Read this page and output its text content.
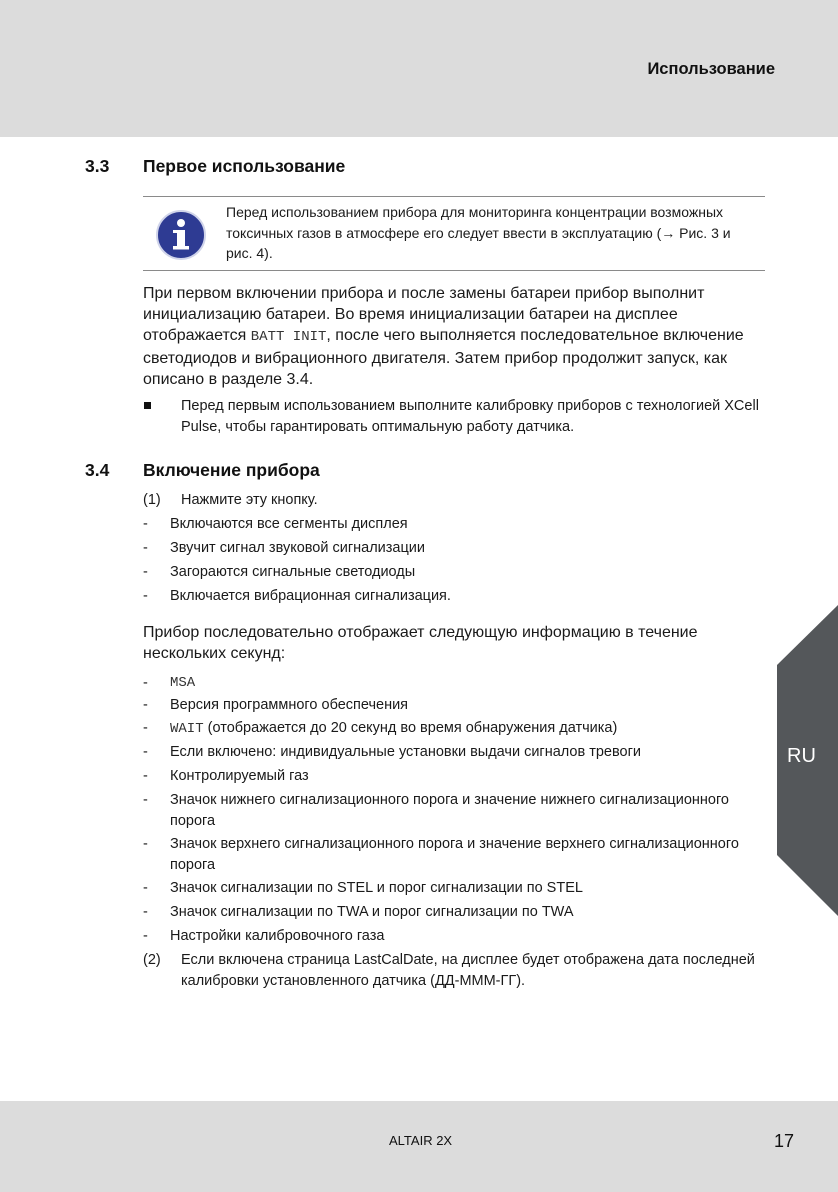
Использование
3.3 Первое использование
Перед использованием прибора для мониторинга концентрации возможных токсичных газов в атмосфере его следует ввести в эксплуатацию (→ Рис. 3 и рис. 4).
При первом включении прибора и после замены батареи прибор выполнит инициализацию батареи. Во время инициализации батареи на дисплее отображается BATT INIT, после чего выполняется последовательное включение светодиодов и вибрационного двигателя. Затем прибор продолжит запуск, как описано в разделе 3.4.
Перед первым использованием выполните калибровку приборов с технологией XCell Pulse, чтобы гарантировать оптимальную работу датчика.
3.4 Включение прибора
(1) Нажмите эту кнопку.
- Включаются все сегменты дисплея
- Звучит сигнал звуковой сигнализации
- Загораются сигнальные светодиоды
- Включается вибрационная сигнализация.
Прибор последовательно отображает следующую информацию в течение нескольких секунд:
- MSA
- Версия программного обеспечения
- WAIT (отображается до 20 секунд во время обнаружения датчика)
- Если включено: индивидуальные установки выдачи сигналов тревоги
- Контролируемый газ
- Значок нижнего сигнализационного порога и значение нижнего сигнализационного порога
- Значок верхнего сигнализационного порога и значение верхнего сигнализационного порога
- Значок сигнализации по STEL и порог сигнализации по STEL
- Значок сигнализации по TWA и порог сигнализации по TWA
- Настройки калибровочного газа
(2) Если включена страница LastCalDate, на дисплее будет отображена дата последней калибровки установленного датчика (ДД-МММ-ГГ).
RU
ALTAIR 2X	17
